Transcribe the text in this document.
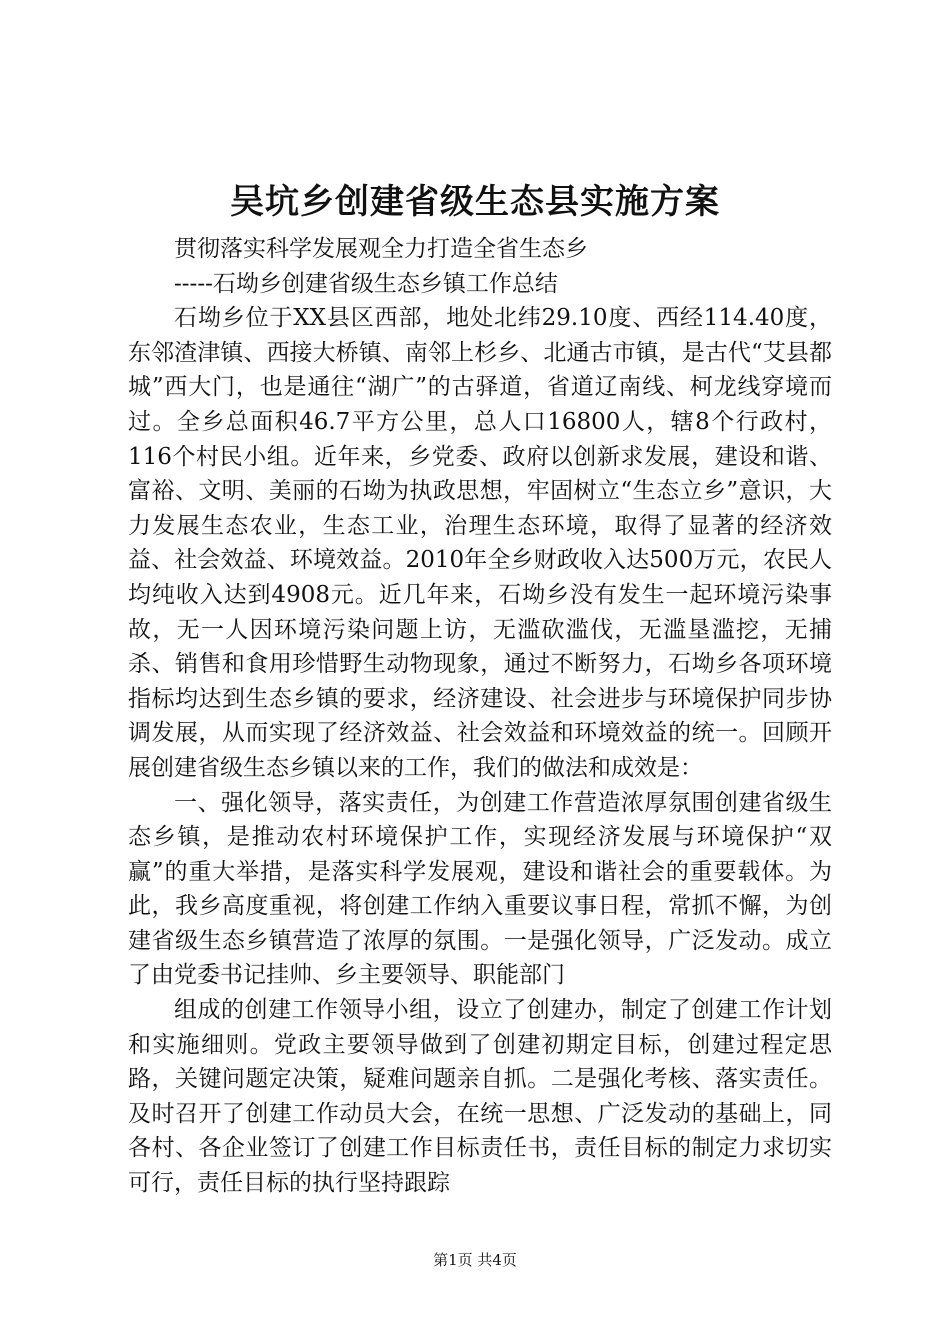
吴坑乡创建省级生态县实施方案

贯彻落实科学发展观全力打造全省生态乡

-----石坳乡创建省级生态乡镇工作总结

石坳乡位于XX县区西部，地处北纬29.10度、西经114.40度，东邻渣津镇、西接大桥镇、南邻上杉乡、北通古市镇，是古代“艾县都城”西大门，也是通往“湖广”的古驿道，省道辽南线、柯龙线穿境而过。全乡总面积46.7平方公里，总人口16800人，辖8个行政村，116个村民小组。近年来，乡党委、政府以创新求发展，建设和谐、富裕、文明、美丽的石坳为执政思想，牢固树立“生态立乡”意识，大力发展生态农业，生态工业，治理生态环境，取得了显著的经济效益、社会效益、环境效益。2010年全乡财政收入达500万元，农民人均纯收入达到4908元。近几年来，石坳乡没有发生一起环境污染事故，无一人因环境污染问题上访，无滥砍滥伐，无滥垦滥挖，无捕杀、销售和食用珍惜野生动物现象，通过不断努力，石坳乡各项环境指标均达到生态乡镇的要求，经济建设、社会进步与环境保护同步协调发展，从而实现了经济效益、社会效益和环境效益的统一。回顾开展创建省级生态乡镇以来的工作，我们的做法和成效是：

一、强化领导，落实责任，为创建工作营造浓厚氛围创建省级生态乡镇，是推动农村环境保护工作，实现经济发展与环境保护“双赢”的重大举措，是落实科学发展观，建设和谐社会的重要载体。为此，我乡高度重视，将创建工作纳入重要议事日程，常抓不懈，为创建省级生态乡镇营造了浓厚的氛围。一是强化领导，广泛发动。成立了由党委书记挂帅、乡主要领导、职能部门

组成的创建工作领导小组，设立了创建办，制定了创建工作计划和实施细则。党政主要领导做到了创建初期定目标，创建过程定思路，关键问题定决策，疑难问题亲自抓。二是强化考核、落实责任。及时召开了创建工作动员大会，在统一思想、广泛发动的基础上，同各村、各企业签订了创建工作目标责任书，责任目标的制定力求切实可行，责任目标的执行坚持跟踪

第1页 共4页
